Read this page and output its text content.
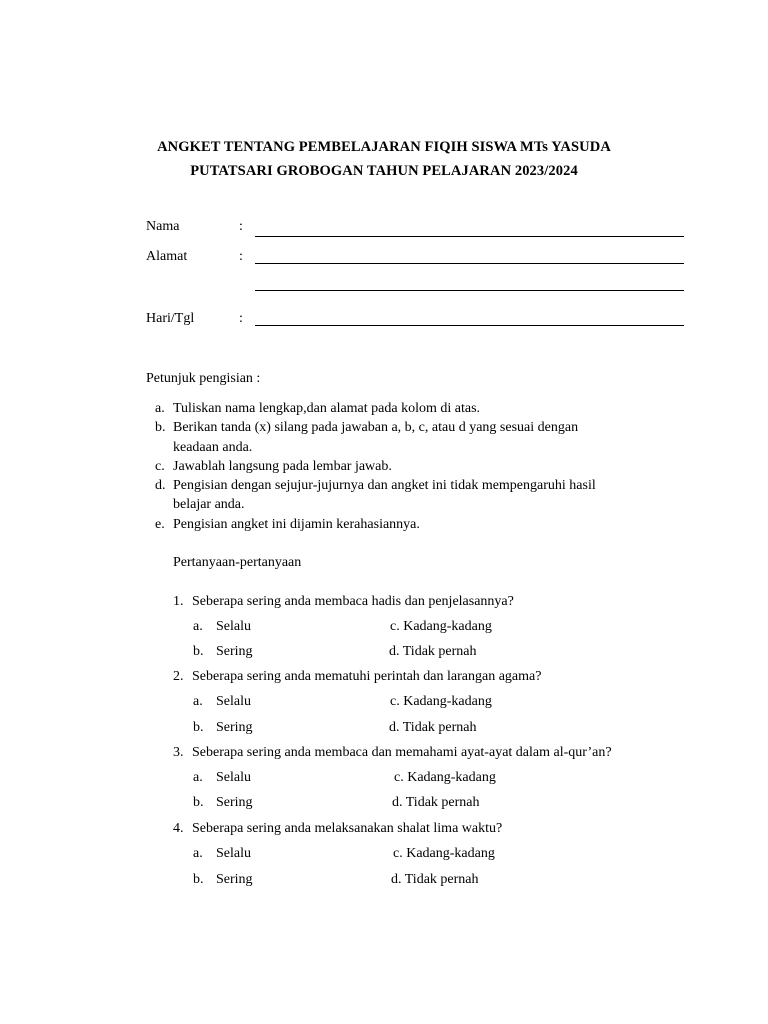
ANGKET TENTANG PEMBELAJARAN FIQIH SISWA MTs YASUDA
PUTATSARI GROBOGAN TAHUN PELAJARAN 2023/2024
Nama	:
Alamat	:
Hari/Tgl	:
Petunjuk pengisian :
a. Tuliskan nama lengkap,dan alamat pada kolom di atas.
b. Berikan tanda (x) silang pada jawaban a, b, c, atau d yang sesuai dengan
keadaan anda.
c. Jawablah langsung pada lembar jawab.
d. Pengisian dengan sejujur-jujurnya dan angket ini tidak mempengaruhi hasil
belajar anda.
e. Pengisian angket ini dijamin kerahasiannya.
Pertanyaan-pertanyaan
1. Seberapa sering anda membaca hadis dan penjelasannya?
a. Selalu	c. Kadang-kadang
b. Sering	d. Tidak pernah
2. Seberapa sering anda mematuhi perintah dan larangan agama?
a. Selalu	c. Kadang-kadang
b. Sering	d. Tidak pernah
3. Seberapa sering anda membaca dan memahami ayat-ayat dalam al-qur’an?
a. Selalu	c. Kadang-kadang
b. Sering	d. Tidak pernah
4. Seberapa sering anda melaksanakan shalat lima waktu?
a. Selalu	c. Kadang-kadang
b. Sering	d. Tidak pernah
